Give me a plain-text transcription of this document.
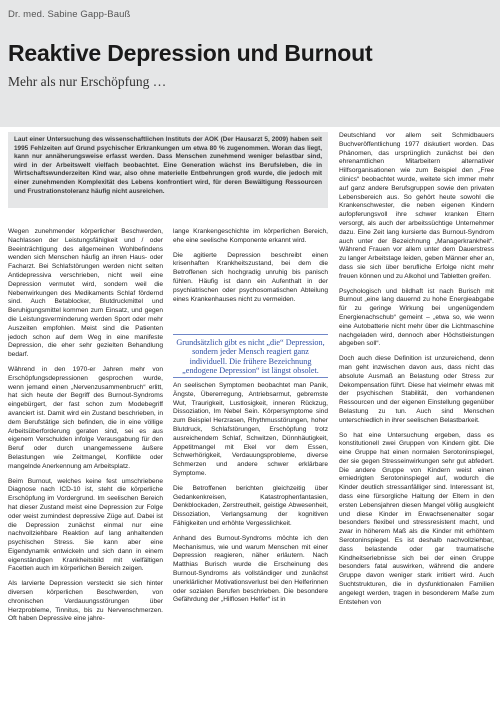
Dr. med. Sabine Gapp-Bauß
Reaktive Depression und Burnout
Mehr als nur Erschöpfung …
Laut einer Untersuchung des wissenschaftlichen Instituts der AOK (Der Hausarzt 5, 2009) haben seit 1995 Fehlzeiten auf Grund psychischer Erkrankungen um etwa 80 % zugenommen. Woran das liegt, kann nur annäherungsweise erfasst werden. Dass Menschen zunehmend weniger belastbar sind, wird in der Arbeitswelt vielfach beobachtet. Eine Generation wächst ins Berufsleben, die in Wirtschaftswunderzeiten Kind war, also ohne materielle Entbehrungen groß wurde, die jedoch mit einer zunehmenden Komplexität des Lebens konfrontiert wird, für deren Bewältigung Ressourcen und Frustrationstoleranz häufig nicht ausreichen.

Wegen zunehmender körperlicher Beschwerden, Nachlassen der Leistungsfähigkeit und / oder Beeinträchtigung des allgemeinen Wohlbefindens wenden sich Menschen häufig an ihren Haus- oder Facharzt. Bei Schlafstörungen werden nicht selten Antidepressiva verschrieben, nicht weil eine Depression vermutet wird, sondern weil die Nebenwirkungen des Medikaments Schlaf fördernd sind. Auch Betablocker, Blutdruckmittel und Beruhigungsmittel kommen zum Einsatz, und gegen die Leistungsverminderung werden Sport oder mehr Auszeiten empfohlen. Meist sind die Patienten jedoch schon auf dem Weg in eine manifeste Depression, die eher sehr gezielten Behandlung bedarf.

Während in den 1970-er Jahren mehr von Erschöpfungsdepressionen gesprochen wurde, wenn jemand einen „Nervenzusammenbruch“ erlitt, hat sich heute der Begriff des Burnout-Syndroms eingebürgert, der fast schon zum Modebegriff avanciert ist. Damit wird ein Zustand beschrieben, in dem Berufstätige sich befinden, die in eine völlige Arbeitsüberforderung geraten sind, sei es aus eigenem Verschulden infolge Verausgabung für den Beruf oder durch unangemessene äußere Belastungen wie Zeitmangel, Konflikte oder mangelnde Anerkennung am Arbeitsplatz.

Beim Burnout, welches keine fest umschriebene Diagnose nach ICD-10 ist, steht die körperliche Erschöpfung im Vordergrund. Im seelischen Bereich hat dieser Zustand meist eine Depression zur Folge oder weist zumindest depressive Züge auf. Dabei ist die Depression zunächst einmal nur eine nachvollziehbare Reaktion auf lang anhaltenden psychischen Stress. Sie kann aber eine Eigendynamik entwickeln und sich dann in einem eigenständigen Krankheitsbild mit vielfältigen Facetten auch im körperlichen Bereich zeigen.

Als larvierte Depression versteckt sie sich hinter diversen körperlichen Beschwerden, von chronischen Verdauungsstörungen über Herzprobleme, Tinnitus, bis zu Nervenschmerzen. Oft haben Depressive eine jahre-

lange Krankengeschichte im körperlichen Bereich, ehe eine seelische Komponente erkannt wird.

Die agitierte Depression beschreibt einen krisenhaften Krankheitszustand, bei dem die Betroffenen sich hochgradig unruhig bis panisch fühlen. Häufig ist dann ein Aufenthalt in der psychiatrischen oder psychosomatischen Abteilung eines Krankenhauses nicht zu vermeiden.

Grundsätzlich gibt es nicht „die“ Depression, sondern jeder Mensch reagiert ganz individuell. Die frühere Bezeichnung „endogene Depression“ ist längst obsolet.

An seelischen Symptomen beobachtet man Panik, Ängste, Übererregung, Antriebsarmut, gebremste Wut, Traurigkeit, Lustlosigkeit, inneren Rückzug, Dissoziation, Im Nebel Sein. Körpersymptome sind zum Beispiel Herzrasen, Rhythmusstörungen, hoher Blutdruck, Schlafstörungen, Erschöpfung trotz ausreichendem Schlaf, Schwitzen, Dünnhäutigkeit, Appetitmangel mit Ekel vor dem Essen, Schwerhörigkeit, Verdauungsprobleme, diverse Schmerzen und andere schwer erklärbare Symptome.

Die Betroffenen berichten gleichzeitig über Gedankenkreisen, Katastrophenfantasien, Denkblockaden, Zerstreutheit, geistige Abwesenheit, Dissoziation, Verlangsamung der kognitiven Fähigkeiten und erhöhte Vergesslichkeit.

Anhand des Burnout-Syndroms möchte ich den Mechanismus, wie und warum Menschen mit einer Depression reagieren, näher erläutern. Nach Matthias Burisch wurde die Erscheinung des Burnout-Syndroms als vollständiger und zunächst unerklärlicher Motivationsverlust bei den Helferinnen oder sozialen Berufen beschrieben. Die besondere Gefährdung der „Hilflosen Helfer“ ist in

Deutschland vor allem seit Schmidbauers Buchveröffentlichung 1977 diskutiert worden. Das Phänomen, das ursprünglich zunächst bei den ehrenamtlichen Mitarbeitern alternativer Hilfsorganisationen wie zum Beispiel den „Free clinics“ beobachtet wurde, weitete sich immer mehr auf ganz andere Berufsgruppen sowie den privaten Lebensbereich aus. So gehört heute sowohl die Krankenschwester, die neben eigenen Kindern aufopferungsvoll ihre schwer kranken Eltern versorgt, als auch der arbeitssüchtige Unternehmer dazu. Eine Zeit lang kursierte das Burnout-Syndrom auch unter der Bezeichnung „Managerkrankheit“. Während Frauen vor allem unter dem Dauerstress zu langer Arbeitstage leiden, geben Männer eher an, dass sie sich über berufliche Erfolge nicht mehr freuen können und zu Alkohol und Tabletten greifen.

Psychologisch und bildhaft ist nach Burisch mit Burnout „eine lang dauernd zu hohe Energieabgabe für zu geringe Wirkung bei ungenügendem Energienachschub“ gemeint – „etwa so, wie wenn eine Autobatterie nicht mehr über die Lichtmaschine nachgeladen wird, dennoch aber Höchstleistungen abgeben soll“.

Doch auch diese Definition ist unzureichend, denn man geht inzwischen davon aus, dass nicht das absolute Ausmaß an Belastung oder Stress zur Dekompensation führt. Diese hat vielmehr etwas mit der psychischen Stabilität, den vorhandenen Ressourcen und der eigenen Einstellung gegenüber Belastung zu tun. Auch sind Menschen unterschiedlich in ihrer seelischen Belastbarkeit.

So hat eine Untersuchung ergeben, dass es konstitutionell zwei Gruppen von Kindern gibt. Die eine Gruppe hat einen normalen Serotoninspiegel, der sie gegen Stresseinwirkungen sehr gut abfedert. Die andere Gruppe von Kindern weist einen erniedrigten Serotoninspiegel auf, wodurch die Kinder deutlich stressanfälliger sind. Interessant ist, dass eine fürsorgliche Haltung der Eltern in den ersten Lebensjahren diesen Mangel völlig ausgleicht und diese Kinder im Erwachsenenalter sogar besonders flexibel und stressresistent macht, und zwar in höherem Maß als die Kinder mit erhöhtem Serotoninspiegel. Es ist deshalb nachvollziehbar, dass belastende oder gar traumatische Kindheitserlebnisse sich bei der einen Gruppe besonders fatal auswirken, während die andere Gruppe davon weniger stark irritiert wird. Auch Suchtstrukturen, die in dysfunktionalen Familien angelegt werden, tragen in besonderem Maße zum Entstehen von
